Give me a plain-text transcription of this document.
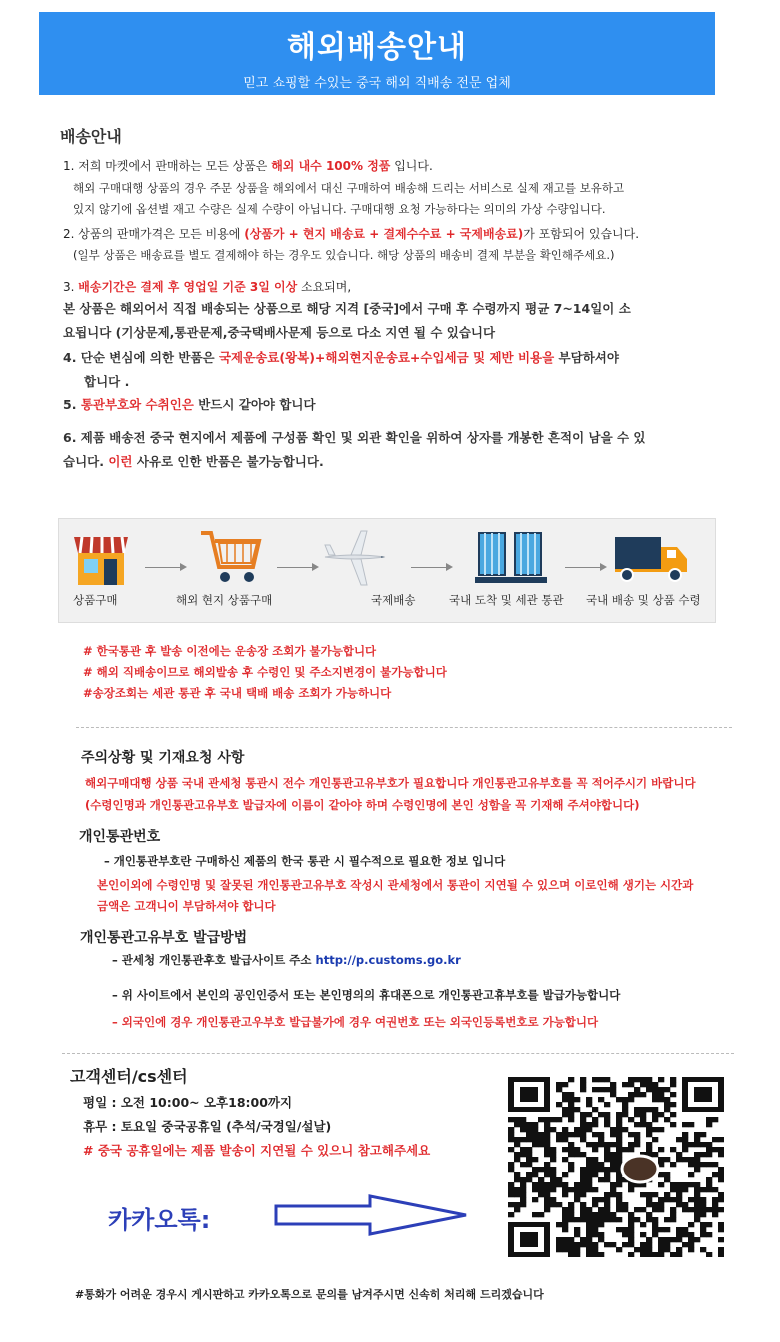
해외배송안내
믿고 쇼핑할 수있는 중국 해외 직배송 전문 업체
배송안내
1. 저희 마켓에서 판매하는 모든 상품은 해외 내수 100% 정품 입니다.
해외 구매대행 상품의 경우 주문 상품을 해외에서 대신 구매하여 배송해 드리는 서비스로 실제 재고를 보유하고
있지 않기에 옵션별 재고 수량은 실제 수량이 아닙니다. 구매대행 요청 가능하다는 의미의 가상 수량입니다.
2. 상품의 판매가격은 모든 비용에 (상품가 + 현지 배송료 + 결제수수료 + 국제배송료)가 포함되어 있습니다.
(일부 상품은 배송료를 별도 결제해야 하는 경우도 있습니다. 해당 상품의 배송비 결제 부분을 확인해주세요.)
3. 배송기간은 결제 후 영업일 기준 3일 이상 소요되며,
본 상품은 해외어서 직접 배송되는 상품으로 해당 지격 [중국]에서 구매 후 수령까지 평균 7~14일이 소
요됩니다 (기상문제,통관문제,중국택배사문제 등으로 다소 지연 될 수 있습니다
4. 단순 변심에 의한 반품은 국제운송료(왕복)+해외현지운송료+수입세금 및 제반 비용을 부담하셔야
합니다 .
5. 통관부호와 수취인은 반드시 같아야 합니다
6. 제품 배송전 중국 현지에서 제품에 구성품 확인 및 외관 확인을 위하여 상자를 개봉한 흔적이 남을 수 있
습니다. 이런 사유로 인한 반품은 불가능합니다.
상품구매	해외 현지 상품구매	국제배송	국내 도착 및 세관 통관 국내 배송 및 상품 수령
# 한국통관 후 발송 이전에는 운송장 조회가 불가능합니다
# 해외 직배송이므로 해외발송 후 수령인 및 주소지변경이 불가능합니다
#송장조회는 세관 통관 후 국내 택배 배송 조회가 가능하니다
주의상황 및 기재요청 사항
해외구매대행 상품 국내 관세청 통관시 전수 개인통관고유부호가 필요합니다 개인통관고유부호를 꼭 적어주시기 바랍니다
(수령인명과 개인통관고유부호 발급자에 이름이 같아야 하며 수령인명에 본인 성함을 꼭 기재해 주셔야합니다)
개인통관번호
– 개인통관부호란 구매하신 제품의 한국 통관 시 필수적으로 필요한 정보 입니다
본인이외에 수령인명 및 잘못된 개인통관고유부호 작성시 관세청에서 통관이 지연될 수 있으며 이로인해 생기는 시간과
금액은 고객니이 부담하셔야 합니다
개인통관고유부호 발급방법
– 관세청 개인통관후호 발급사이트 주소 http://p.customs.go.kr
– 위 사이트에서 본인의 공인인증서 또는 본인명의의 휴대폰으로 개인통관고휴부호를 발급가능합니다
– 외국인에 경우 개인통관고우부호 발급불가에 경우 여권번호 또는 외국인등록번호로 가능합니다
고객센터/cs센터
평일 : 오전 10:00~ 오후18:00까지
휴무 : 토요일 중국공휴일 (추석/국경일/설날)
# 중국 공휴일에는 제품 발송이 지연될 수 있으니 참고해주세요
카카오톡:
#통화가 어려운 경우시 게시판하고 카카오톡으로 문의를 남겨주시면 신속히 처리해 드리겠습니다
